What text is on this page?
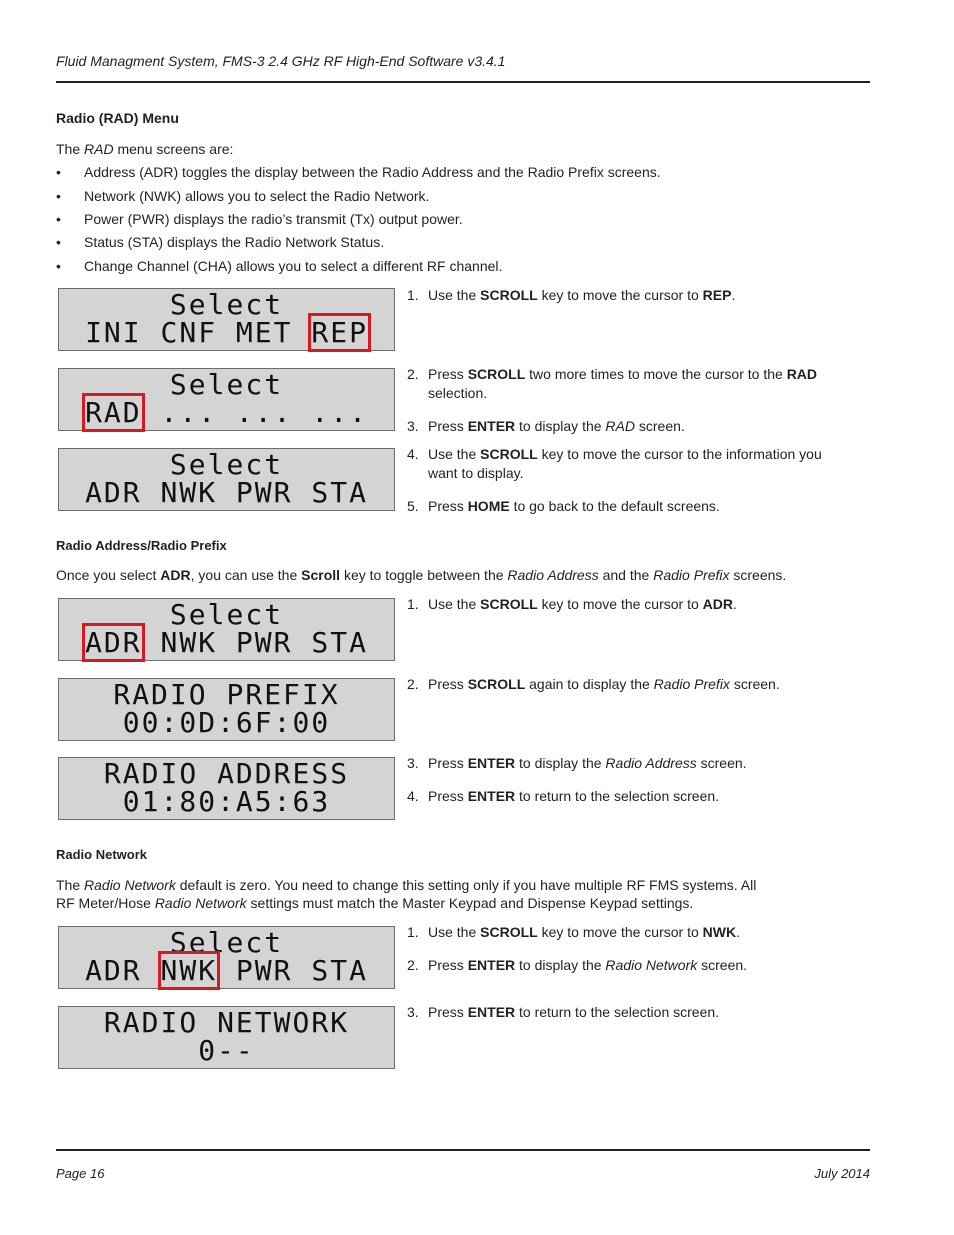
Fluid Managment System, FMS-3 2.4 GHz RF High-End Software v3.4.1
Radio (RAD) Menu
The RAD menu screens are:
• Address (ADR) toggles the display between the Radio Address and the Radio Prefix screens.
• Network (NWK) allows you to select the Radio Network.
• Power (PWR) displays the radio’s transmit (Tx) output power.
• Status (STA) displays the Radio Network Status.
• Change Channel (CHA) allows you to select a different RF channel.
Select
INI CNF MET REP
Select
RAD ... ... ...
Select
ADR NWK PWR STA
1. Use the SCROLL key to move the cursor to REP.
2. Press SCROLL two more times to move the cursor to the RAD selection.
3. Press ENTER to display the RAD screen.
4. Use the SCROLL key to move the cursor to the information you want to display.
5. Press HOME to go back to the default screens.
Radio Address/Radio Prefix
Once you select ADR, you can use the Scroll key to toggle between the Radio Address and the Radio Prefix screens.
Select
ADR NWK PWR STA
RADIO PREFIX
00:0D:6F:00
RADIO ADDRESS
01:80:A5:63
1. Use the SCROLL key to move the cursor to ADR.
2. Press SCROLL again to display the Radio Prefix screen.
3. Press ENTER to display the Radio Address screen.
4. Press ENTER to return to the selection screen.
Radio Network
The Radio Network default is zero. You need to change this setting only if you have multiple RF FMS systems. All
RF Meter/Hose Radio Network settings must match the Master Keypad and Dispense Keypad settings.
Select
ADR NWK PWR STA
RADIO NETWORK
0--
1. Use the SCROLL key to move the cursor to NWK.
2. Press ENTER to display the Radio Network screen.
3. Press ENTER to return to the selection screen.
Page 16	July 2014
